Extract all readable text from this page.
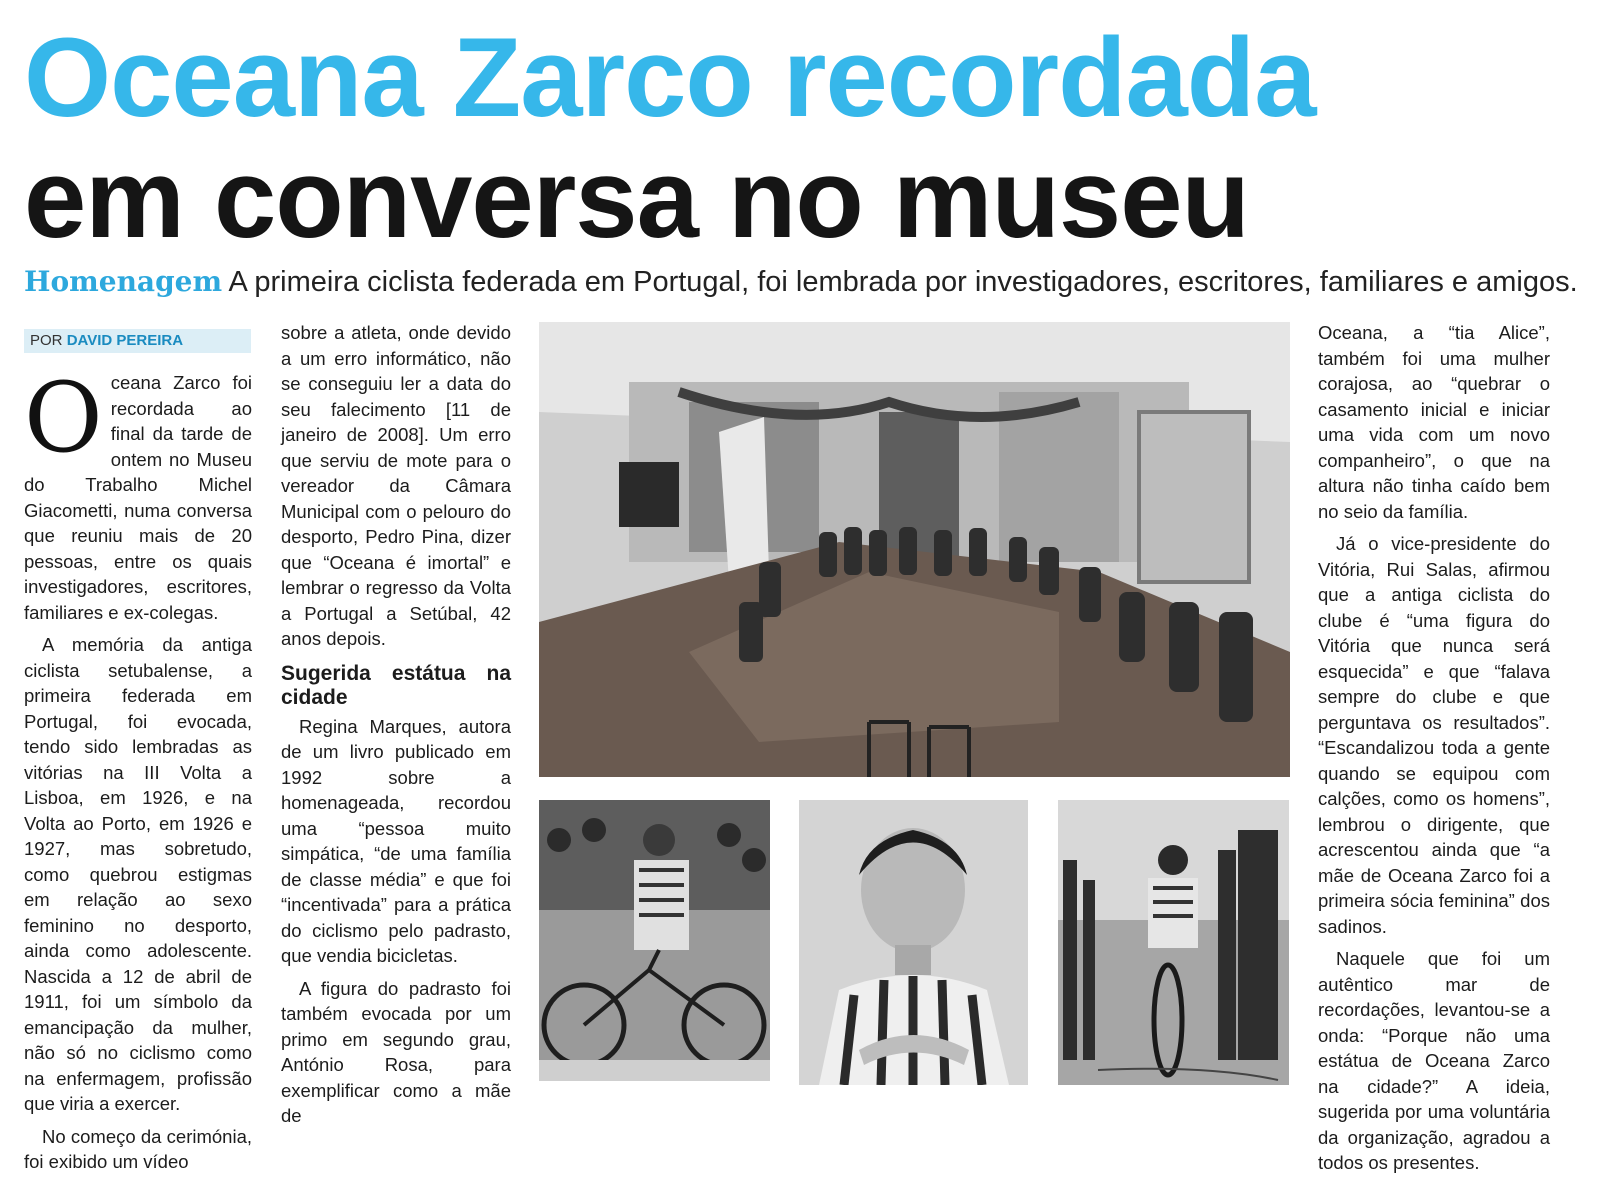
Oceana Zarco recordada
em conversa no museu
Homenagem A primeira ciclista federada em Portugal, foi lembrada por investigadores, escritores, familiares e amigos.
POR DAVID PEREIRA

Oceana Zarco foi recordada ao final da tarde de ontem no Museu do Trabalho Michel Giacometti, numa conversa que reuniu mais de 20 pessoas, entre os quais investigadores, escritores, familiares e ex-colegas.

A memória da antiga ciclista setubalense, a primeira federada em Portugal, foi evocada, tendo sido lembradas as vitórias na III Volta a Lisboa, em 1926, e na Volta ao Porto, em 1926 e 1927, mas sobretudo, como quebrou estigmas em relação ao sexo feminino no desporto, ainda como adolescente. Nascida a 12 de abril de 1911, foi um símbolo da emancipação da mulher, não só no ciclismo como na enfermagem, profissão que viria a exercer.

No começo da cerimónia, foi exibido um vídeo

sobre a atleta, onde devido a um erro informático, não se conseguiu ler a data do seu falecimento [11 de janeiro de 2008]. Um erro que serviu de mote para o vereador da Câmara Municipal com o pelouro do desporto, Pedro Pina, dizer que “Oceana é imortal” e lembrar o regresso da Volta a Portugal a Setúbal, 42 anos depois.

Sugerida estátua na cidade

Regina Marques, autora de um livro publicado em 1992 sobre a homenageada, recordou uma “pessoa muito simpática, “de uma família de classe média” e que foi “incentivada” para a prática do ciclismo pelo padrasto, que vendia bicicletas.

A figura do padrasto foi também evocada por um primo em segundo grau, António Rosa, para exemplificar como a mãe de

Oceana, a “tia Alice”, também foi uma mulher corajosa, ao “quebrar o casamento inicial e iniciar uma vida com um novo companheiro”, o que na altura não tinha caído bem no seio da família.

Já o vice-presidente do Vitória, Rui Salas, afirmou que a antiga ciclista do clube é “uma figura do Vitória que nunca será esquecida” e que “falava sempre do clube e que perguntava os resultados”. “Escandalizou toda a gente quando se equipou com calções, como os homens”, lembrou o dirigente, que acrescentou ainda que “a mãe de Oceana Zarco foi a primeira sócia feminina” dos sadinos.

Naquele que foi um autêntico mar de recordações, levantou-se a onda: “Porque não uma estátua de Oceana Zarco na cidade?” A ideia, sugerida por uma voluntária da organização, agradou a todos os presentes.
